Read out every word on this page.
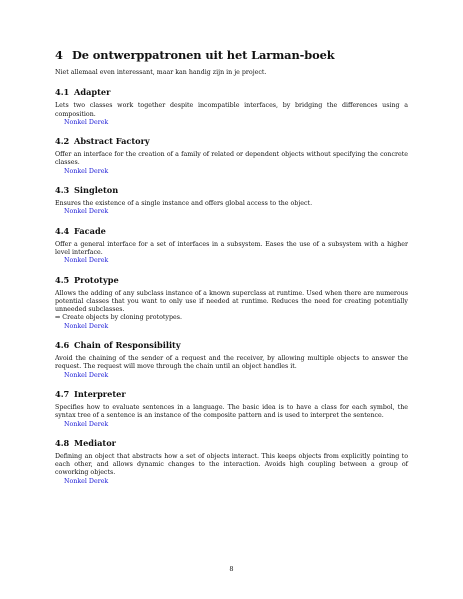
4 De ontwerppatronen uit het Larman-boek

Niet allemaal even interessant, maar kan handig zijn in je project.

4.1 Adapter

Lets two classes work together despite incompatible interfaces, by bridging the differences using a composition.

Nonkel Derek
4.2 Abstract Factory

Offer an interface for the creation of a family of related or dependent objects without specifying the concrete classes.

Nonkel Derek
4.3 Singleton

Ensures the existence of a single instance and offers global access to the object.

Nonkel Derek
4.4 Facade

Offer a general interface for a set of interfaces in a subsystem. Eases the use of a subsystem with a higher level interface.

Nonkel Derek
4.5 Prototype

Allows the adding of any subclass instance of a known superclass at runtime. Used when there are numerous potential classes that you want to only use if needed at runtime. Reduces the need for creating potentially unneeded subclasses.

⇒ Create objects by cloning prototypes.

Nonkel Derek
4.6 Chain of Responsibility

Avoid the chaining of the sender of a request and the receiver, by allowing multiple objects to answer the request. The request will move through the chain until an object handles it.

Nonkel Derek
4.7 Interpreter

Specifies how to evaluate sentences in a language. The basic idea is to have a class for each symbol, the syntax tree of a sentence is an instance of the composite pattern and is used to interpret the sentence.

Nonkel Derek
4.8 Mediator

Defining an object that abstracts how a set of objects interact. This keeps objects from explicitly pointing to each other, and allows dynamic changes to the interaction. Avoids high coupling between a group of coworking objects.

Nonkel Derek
8
